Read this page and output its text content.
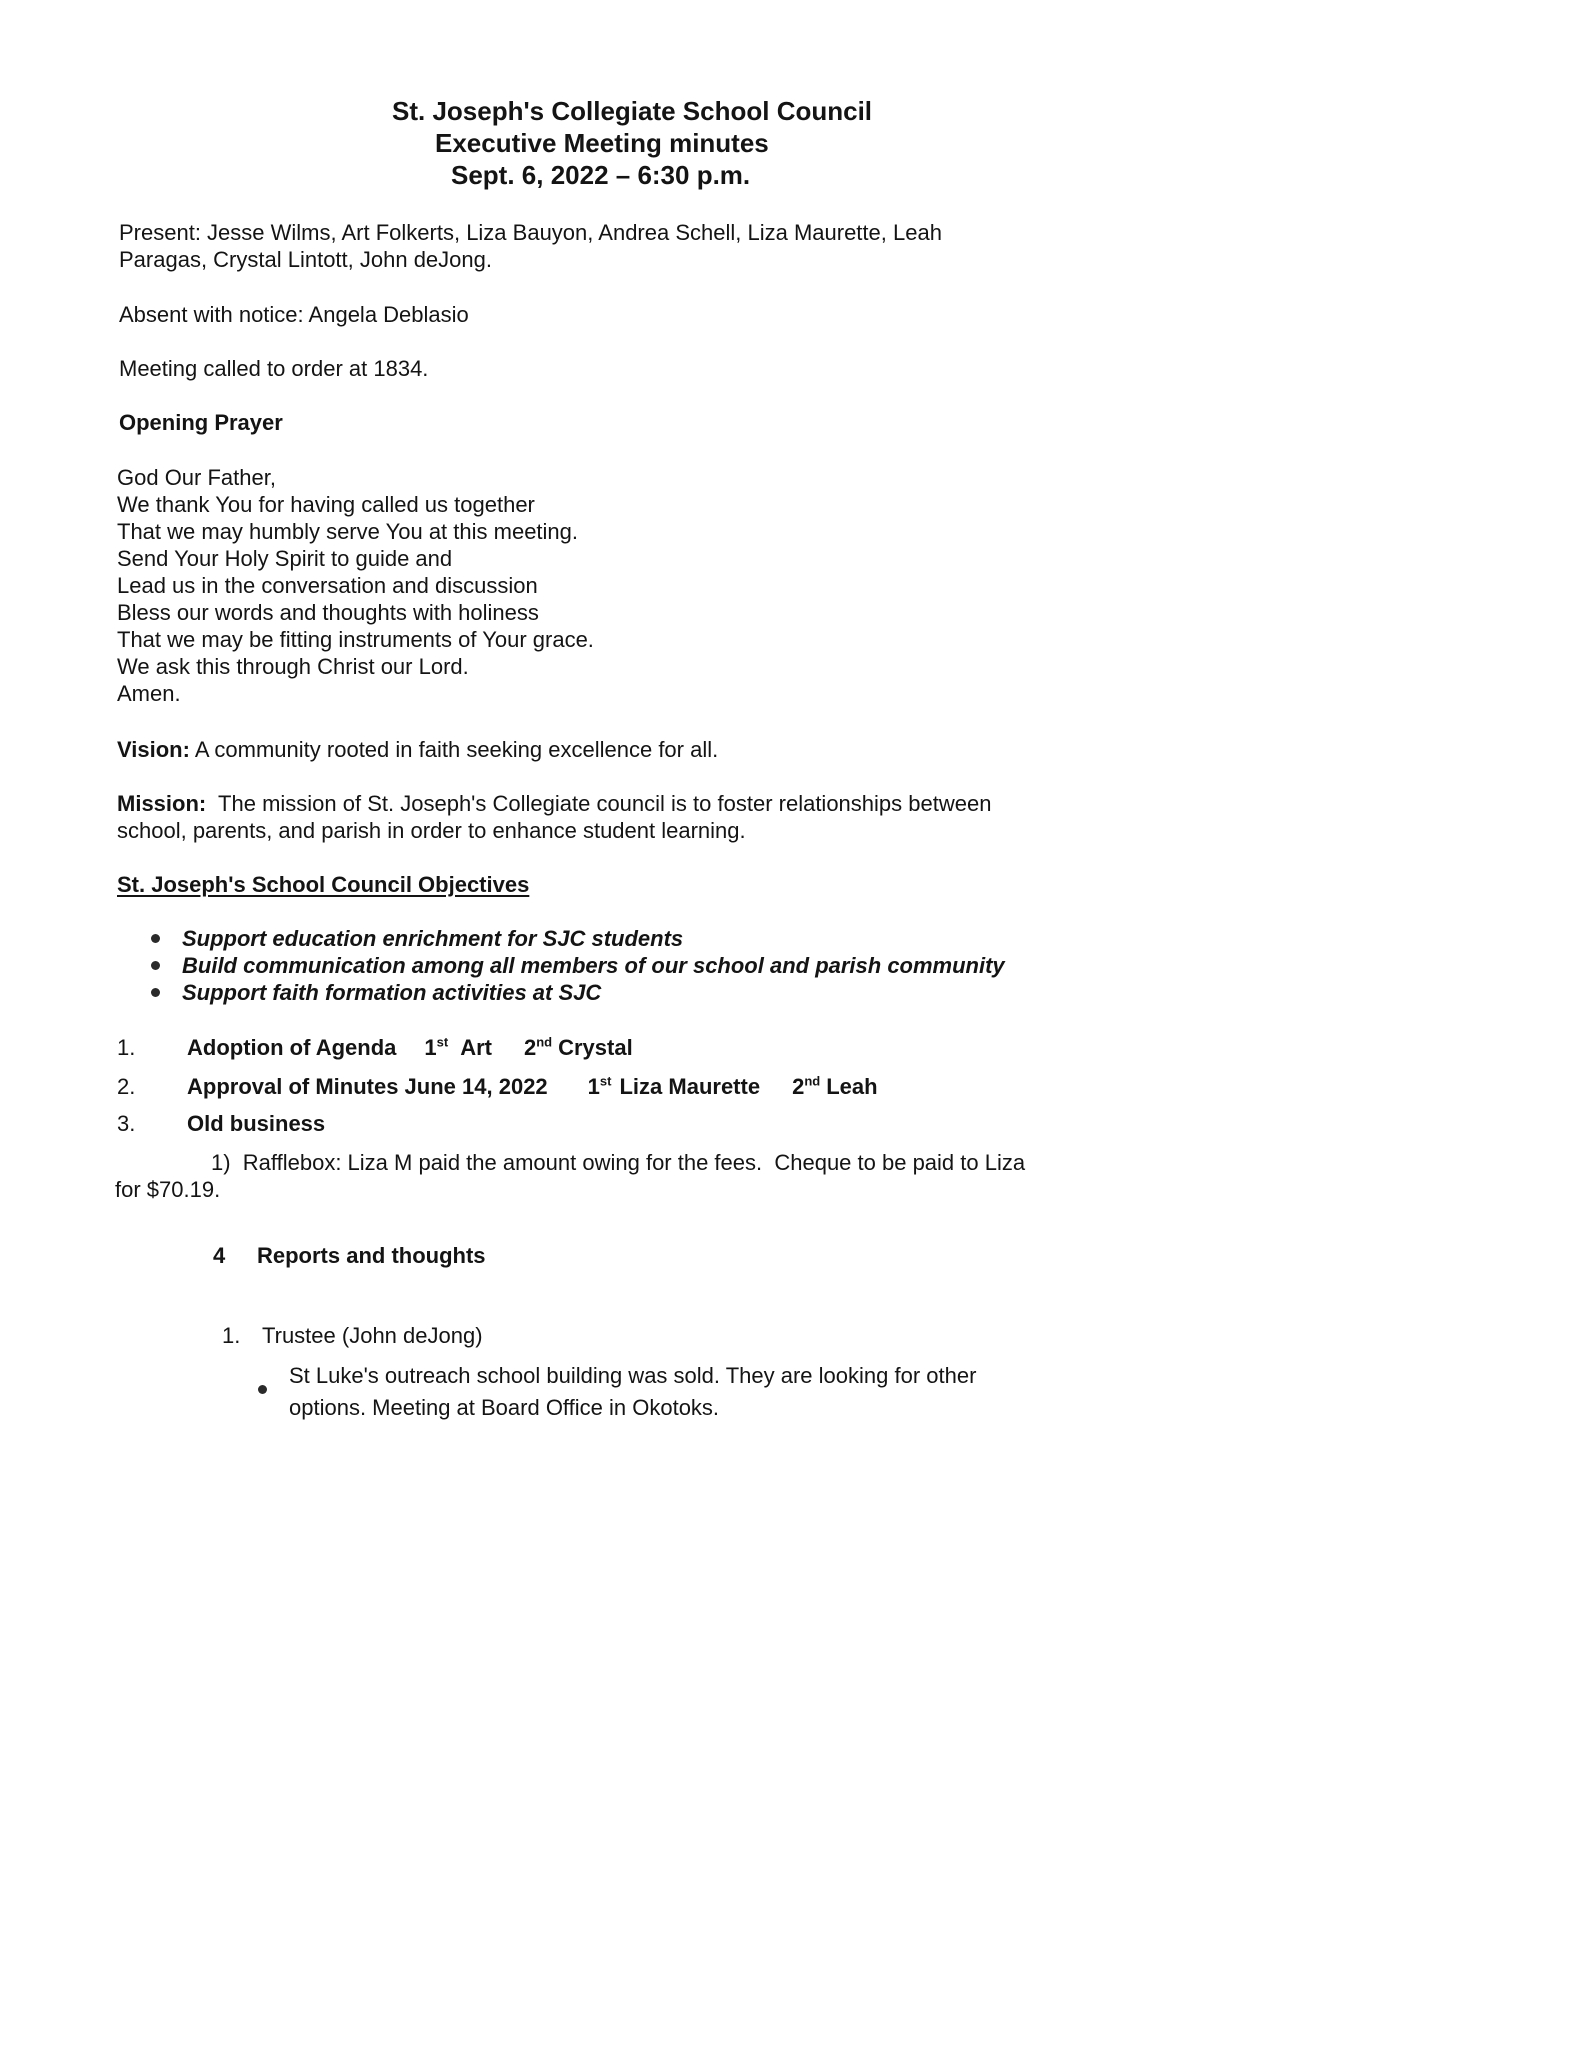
St. Joseph's Collegiate School Council
Executive Meeting minutes
Sept. 6, 2022 – 6:30 p.m.
Present: Jesse Wilms, Art Folkerts, Liza Bauyon, Andrea Schell, Liza Maurette, Leah
Paragas, Crystal Lintott, John deJong.
Absent with notice: Angela Deblasio
Meeting called to order at 1834.
Opening Prayer
God Our Father,
We thank You for having called us together
That we may humbly serve You at this meeting.
Send Your Holy Spirit to guide and
Lead us in the conversation and discussion
Bless our words and thoughts with holiness
That we may be fitting instruments of Your grace.
We ask this through Christ our Lord.
Amen.
Vision: A community rooted in faith seeking excellence for all.
Mission:  The mission of St. Joseph's Collegiate council is to foster relationships between
school, parents, and parish in order to enhance student learning.
St. Joseph's School Council Objectives
Support education enrichment for SJC students
Build communication among all members of our school and parish community
Support faith formation activities at SJC
1. Adoption of Agenda 1st Art 2nd Crystal
2. Approval of Minutes June 14, 2022 1st Liza Maurette 2nd Leah
3. Old business
1)  Rafflebox: Liza M paid the amount owing for the fees.  Cheque to be paid to Liza
for $70.19.
4 Reports and thoughts
1. Trustee (John deJong)
St Luke's outreach school building was sold. They are looking for other
options. Meeting at Board Office in Okotoks.
